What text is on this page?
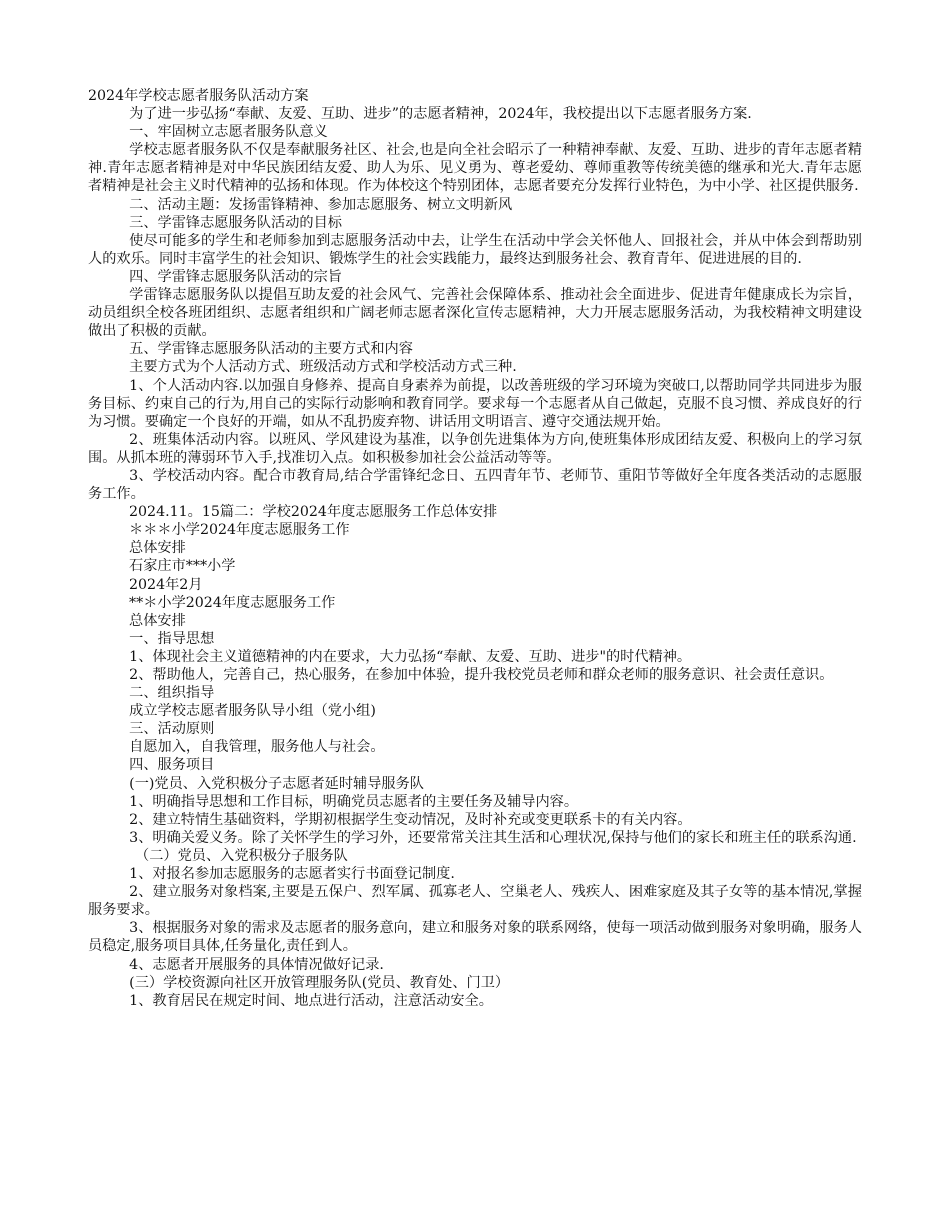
2024年学校志愿者服务队活动方案
为了进一步弘扬“奉献、友爱、互助、进步”的志愿者精神，2024年，我校提出以下志愿者服务方案.
一、牢固树立志愿者服务队意义
学校志愿者服务队不仅是奉献服务社区、社会,也是向全社会昭示了一种精神奉献、友爱、互助、进步的青年志愿者精神.青年志愿者精神是对中华民族团结友爱、助人为乐、见义勇为、尊老爱幼、尊师重教等传统美德的继承和光大.青年志愿者精神是社会主义时代精神的弘扬和体现。作为体校这个特别团体，志愿者要充分发挥行业特色，为中小学、社区提供服务.
二、活动主题：发扬雷锋精神、参加志愿服务、树立文明新风
三、学雷锋志愿服务队活动的目标
使尽可能多的学生和老师参加到志愿服务活动中去，让学生在活动中学会关怀他人、回报社会，并从中体会到帮助别人的欢乐。同时丰富学生的社会知识、锻炼学生的社会实践能力，最终达到服务社会、教育青年、促进进展的目的.
四、学雷锋志愿服务队活动的宗旨
学雷锋志愿服务队以提倡互助友爱的社会风气、完善社会保障体系、推动社会全面进步、促进青年健康成长为宗旨，动员组织全校各班团组织、志愿者组织和广阔老师志愿者深化宣传志愿精神，大力开展志愿服务活动，为我校精神文明建设做出了积极的贡献。
五、学雷锋志愿服务队活动的主要方式和内容
主要方式为个人活动方式、班级活动方式和学校活动方式三种.
1、个人活动内容.以加强自身修养、提高自身素养为前提，以改善班级的学习环境为突破口,以帮助同学共同进步为服务目标、约束自己的行为,用自己的实际行动影响和教育同学。要求每一个志愿者从自己做起，克服不良习惯、养成良好的行为习惯。要确定一个良好的开端，如从不乱扔废弃物、讲话用文明语言、遵守交通法规开始。
2、班集体活动内容。以班风、学风建设为基准，以争创先进集体为方向,使班集体形成团结友爱、积极向上的学习氛围。从抓本班的薄弱环节入手,找准切入点。如积极参加社会公益活动等等。
3、学校活动内容。配合市教育局,结合学雷锋纪念日、五四青年节、老师节、重阳节等做好全年度各类活动的志愿服务工作。
2024.11。15篇二：学校2024年度志愿服务工作总体安排
＊＊＊小学2024年度志愿服务工作
总体安排
石家庄市***小学
2024年2月
**＊小学2024年度志愿服务工作
总体安排
一、指导思想
1、体现社会主义道德精神的内在要求，大力弘扬“奉献、友爱、互助、进步"的时代精神。
2、帮助他人，完善自己，热心服务，在参加中体验，提升我校党员老师和群众老师的服务意识、社会责任意识。
二、组织指导
成立学校志愿者服务队导小组（党小组)
三、活动原则
自愿加入，自我管理，服务他人与社会。
四、服务项目
(一)党员、入党积极分子志愿者延时辅导服务队
1、明确指导思想和工作目标，明确党员志愿者的主要任务及辅导内容。
2、建立特情生基础资料，学期初根据学生变动情况，及时补充或变更联系卡的有关内容。
3、明确关爱义务。除了关怀学生的学习外，还要常常关注其生活和心理状况,保持与他们的家长和班主任的联系沟通.
（二）党员、入党积极分子服务队
1、对报名参加志愿服务的志愿者实行书面登记制度.
2、建立服务对象档案,主要是五保户、烈军属、孤寡老人、空巢老人、残疾人、困难家庭及其子女等的基本情况,掌握服务要求。
3、根据服务对象的需求及志愿者的服务意向，建立和服务对象的联系网络，使每一项活动做到服务对象明确，服务人员稳定,服务项目具体,任务量化,责任到人。
4、志愿者开展服务的具体情况做好记录.
(三）学校资源向社区开放管理服务队(党员、教育处、门卫）
1、教育居民在规定时间、地点进行活动，注意活动安全。
